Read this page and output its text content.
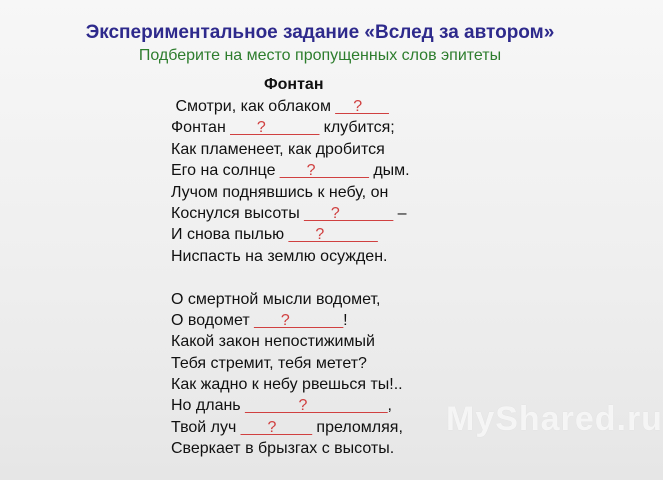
Экспериментальное задание «Вслед за автором»
Подберите на место пропущенных слов эпитеты
Фонтан
Смотри, как облаком __?___
Фонтан ___?______ клубится;
Как пламенеет, как дробится
Его на солнце ___?______ дым.
Лучом поднявшись к небу, он
Коснулся высоты ___?______ –
И снова пылью ___?______
Ниспасть на землю осужден.
О смертной мысли водомет,
О водомет ___?______!
Какой закон непостижимый
Тебя стремит, тебя метет?
Как жадно к небу рвешься ты!..
Но длань ______?_________,
Твой луч ___?____ преломляя,
Сверкает в брызгах с высоты.
MyShared.ru
